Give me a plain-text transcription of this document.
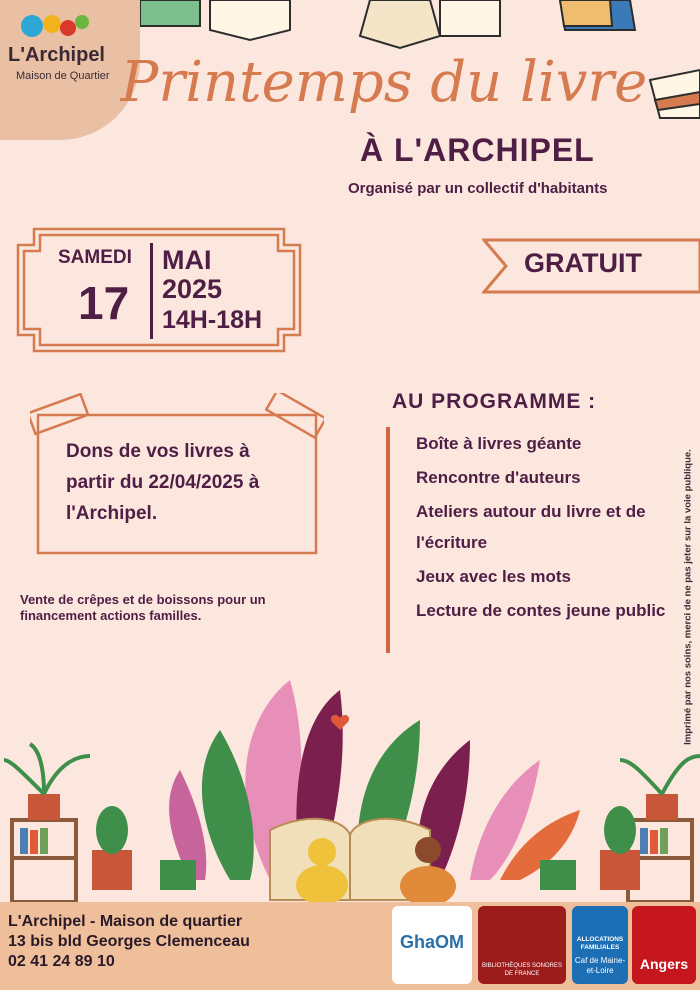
L'Archipel
Maison de Quartier Printemps du livre
À L'ARCHIPEL
Organisé par un collectif d'habitants
SAMEDI
17
MAI
2025
14H-18H
GRATUIT
Dons de vos livres à partir du 22/04/2025 à l'Archipel.
Vente de crêpes et de boissons pour un financement actions familles.
AU PROGRAMME :
Boîte à livres géante
Rencontre d'auteurs
Ateliers autour du livre et de l'écriture
Jeux avec les mots
Lecture de contes jeune public	Imprimé par nos soins, merci de ne pas jeter sur la voie publique.
L'Archipel - Maison de quartier
13 bis bld Georges Clemenceau
02 41 24 89 10
GhaOM
BIBLIOTHÈQUES SONORES DE FRANCE
ALLOCATIONS FAMILIALES
Caf de Maine-et-Loire	Angers
